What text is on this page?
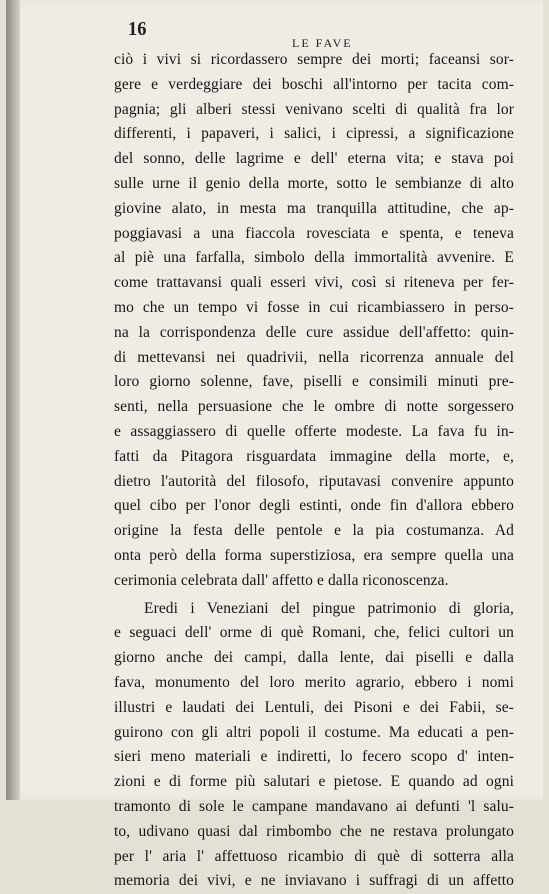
16
LE FAVE
ciò i vivi si ricordassero sempre dei morti; faceansi sor-
gere e verdeggiare dei boschi all'intorno per tacita com-
pagnia; gli alberi stessi venivano scelti di qualità fra lor
differenti, i papaveri, i salici, i cipressi, a significazione
del sonno, delle lagrime e dell' eterna vita; e stava poi
sulle urne il genio della morte, sotto le sembianze di alto
giovine alato, in mesta ma tranquilla attitudine, che ap-
poggiavasi a una fiaccola rovesciata e spenta, e teneva
al piè una farfalla, simbolo della immortalità avvenire. E
come trattavansi quali esseri vivi, così si riteneva per fer-
mo che un tempo vi fosse in cui ricambiassero in perso-
na la corrispondenza delle cure assidue dell'affetto: quin-
di mettevansi nei quadrivii, nella ricorrenza annuale del
loro giorno solenne, fave, piselli e consimili minuti pre-
senti, nella persuasione che le ombre di notte sorgessero
e assaggiassero di quelle offerte modeste. La fava fu in-
fatti da Pitagora risguardata immagine della morte, e,
dietro l'autorità del filosofo, riputavasi convenire appunto
quel cibo per l'onor degli estinti, onde fin d'allora ebbero
origine la festa delle pentole e la pia costumanza. Ad
onta però della forma superstiziosa, era sempre quella una
cerimonia celebrata dall' affetto e dalla riconoscenza.
Eredi i Veneziani del pingue patrimonio di gloria,
e seguaci dell' orme di què Romani, che, felici cultori un
giorno anche dei campi, dalla lente, dai piselli e dalla
fava, monumento del loro merito agrario, ebbero i nomi
illustri e laudati dei Lentuli, dei Pisoni e dei Fabii, se-
guirono con gli altri popoli il costume. Ma educati a pen-
sieri meno materiali e indiretti, lo fecero scopo d' inten-
zioni e di forme più salutari e pietose. E quando ad ogni
tramonto di sole le campane mandavano ai defunti 'l salu-
to, udivano quasi dal rimbombo che ne restava prolungato
per l' aria l' affettuoso ricambio di què di sotterra alla
memoria dei vivi, e ne inviavano i suffragi di un affetto
